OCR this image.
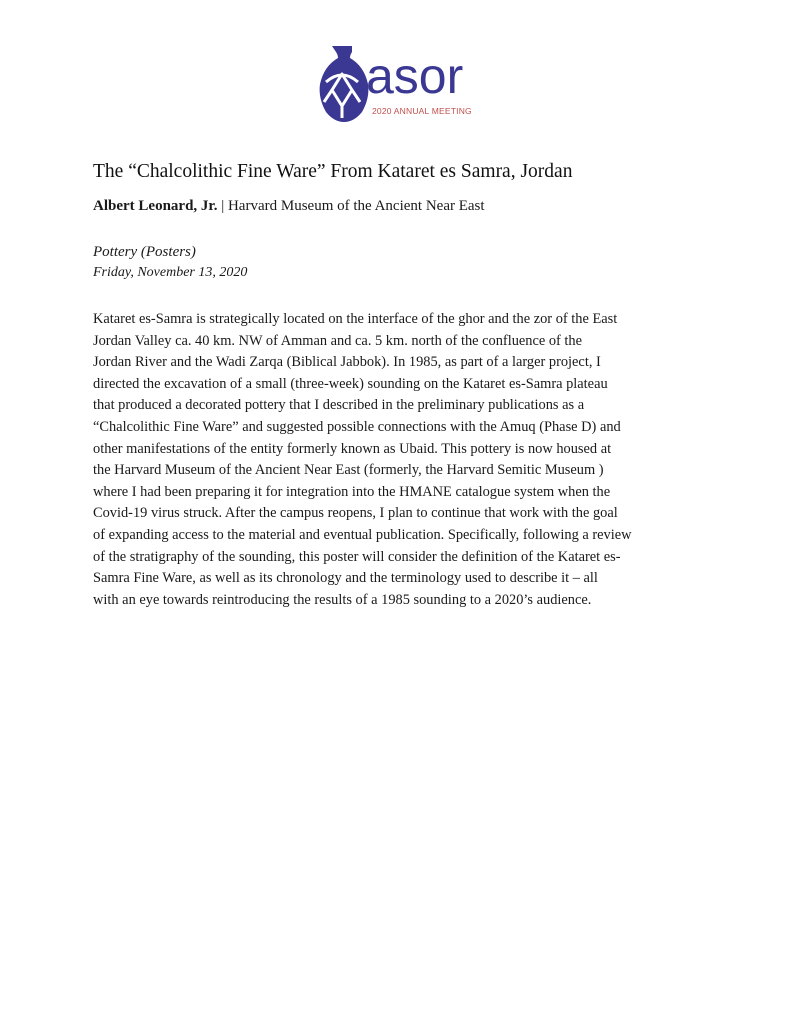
asor
2020 ANNUAL MEETING
The “Chalcolithic Fine Ware” From Kataret es Samra, Jordan
Albert Leonard, Jr. | Harvard Museum of the Ancient Near East
Pottery (Posters)
Friday, November 13, 2020

Kataret es-Samra is strategically located on the interface of the ghor and the zor of the East
Jordan Valley ca. 40 km. NW of Amman and ca. 5 km. north of the confluence of the
Jordan River and the Wadi Zarqa (Biblical Jabbok). In 1985, as part of a larger project, I
directed the excavation of a small (three-week) sounding on the Kataret es-Samra plateau
that produced a decorated pottery that I described in the preliminary publications as a
“Chalcolithic Fine Ware” and suggested possible connections with the Amuq (Phase D) and
other manifestations of the entity formerly known as Ubaid. This pottery is now housed at
the Harvard Museum of the Ancient Near East (formerly, the Harvard Semitic Museum )
where I had been preparing it for integration into the HMANE catalogue system when the
Covid-19 virus struck. After the campus reopens, I plan to continue that work with the goal
of expanding access to the material and eventual publication. Specifically, following a review
of the stratigraphy of the sounding, this poster will consider the definition of the Kataret es-
Samra Fine Ware, as well as its chronology and the terminology used to describe it – all
with an eye towards reintroducing the results of a 1985 sounding to a 2020’s audience.
